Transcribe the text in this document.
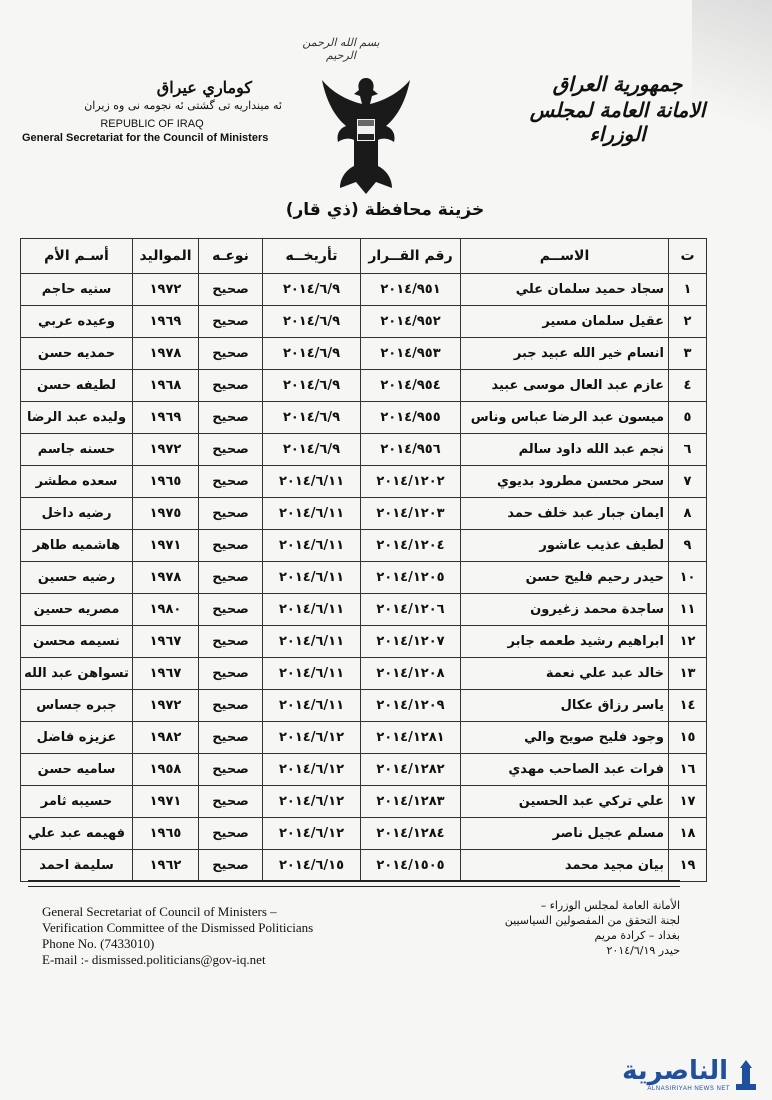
بسم الله الرحمن الرحيم
كوماري عيراق
ئه مینداريه تى گشتى ئه نجومه نى وه زيران
REPUBLIC OF IRAQ
General Secretariat for the Council of Ministers
جمهورية العراق
الامانة العامة لمجلس الوزراء
خزينة محافظة (ذي قار)
ت	الاســم	رقم القــرار	تأريخــه	نوعـه	المواليد	أسـم الأم
١	سجاد حميد سلمان علي	٢٠١٤/٩٥١	٢٠١٤/٦/٩	صحيح	١٩٧٢	سنيه حاجم
٢	عقيل سلمان مسير	٢٠١٤/٩٥٢	٢٠١٤/٦/٩	صحيح	١٩٦٩	وعيده عربي
٣	انسام خير الله عبيد جبر	٢٠١٤/٩٥٣	٢٠١٤/٦/٩	صحيح	١٩٧٨	حمديه حسن
٤	عازم عبد العال موسى عبيد	٢٠١٤/٩٥٤	٢٠١٤/٦/٩	صحيح	١٩٦٨	لطيفه حسن
٥	ميسون عبد الرضا عباس وناس	٢٠١٤/٩٥٥	٢٠١٤/٦/٩	صحيح	١٩٦٩	وليده عبد الرضا
٦	نجم عبد الله داود سالم	٢٠١٤/٩٥٦	٢٠١٤/٦/٩	صحيح	١٩٧٢	حسنه جاسم
٧	سحر محسن مطرود بديوي	٢٠١٤/١٢٠٢	٢٠١٤/٦/١١	صحيح	١٩٦٥	سعده مطشر
٨	ايمان جبار عبد خلف حمد	٢٠١٤/١٢٠٣	٢٠١٤/٦/١١	صحيح	١٩٧٥	رضيه داخل
٩	لطيف عذيب عاشور	٢٠١٤/١٢٠٤	٢٠١٤/٦/١١	صحيح	١٩٧١	هاشميه طاهر
١٠	حيدر رحيم فليح حسن	٢٠١٤/١٢٠٥	٢٠١٤/٦/١١	صحيح	١٩٧٨	رضيه حسين
١١	ساجدة محمد زغيرون	٢٠١٤/١٢٠٦	٢٠١٤/٦/١١	صحيح	١٩٨٠	مصريه حسين
١٢	ابراهيم رشيد طعمه جابر	٢٠١٤/١٢٠٧	٢٠١٤/٦/١١	صحيح	١٩٦٧	نسيمه محسن
١٣	خالد عبد علي نعمة	٢٠١٤/١٢٠٨	٢٠١٤/٦/١١	صحيح	١٩٦٧	تسواهن عبد الله
١٤	ياسر رزاق عكال	٢٠١٤/١٢٠٩	٢٠١٤/٦/١١	صحيح	١٩٧٢	جبره جساس
١٥	وجود فليح صويح والي	٢٠١٤/١٢٨١	٢٠١٤/٦/١٢	صحيح	١٩٨٢	عزيزه فاضل
١٦	فرات عبد الصاحب مهدي	٢٠١٤/١٢٨٢	٢٠١٤/٦/١٢	صحيح	١٩٥٨	ساميه حسن
١٧	علي تركي عبد الحسين	٢٠١٤/١٢٨٣	٢٠١٤/٦/١٢	صحيح	١٩٧١	حسيبه ثامر
١٨	مسلم عجيل ناصر	٢٠١٤/١٢٨٤	٢٠١٤/٦/١٢	صحيح	١٩٦٥	فهيمه عبد علي
١٩	بيان مجيد محمد	٢٠١٤/١٥٠٥	٢٠١٤/٦/١٥	صحيح	١٩٦٢	سليمة احمد
General Secretariat of Council of Ministers –
Verification Committee of the Dismissed Politicians
Phone No. (7433010)
E-mail :- dismissed.politicians@gov-iq.net
الأمانة العامة لمجلس الوزراء –
لجنة التحقق من المفصولين السياسيين
بغداد – كرادة مريم
حيدر ٢٠١٤/٦/١٩
الناصرية
ALNASIRIYAH NEWS NET
